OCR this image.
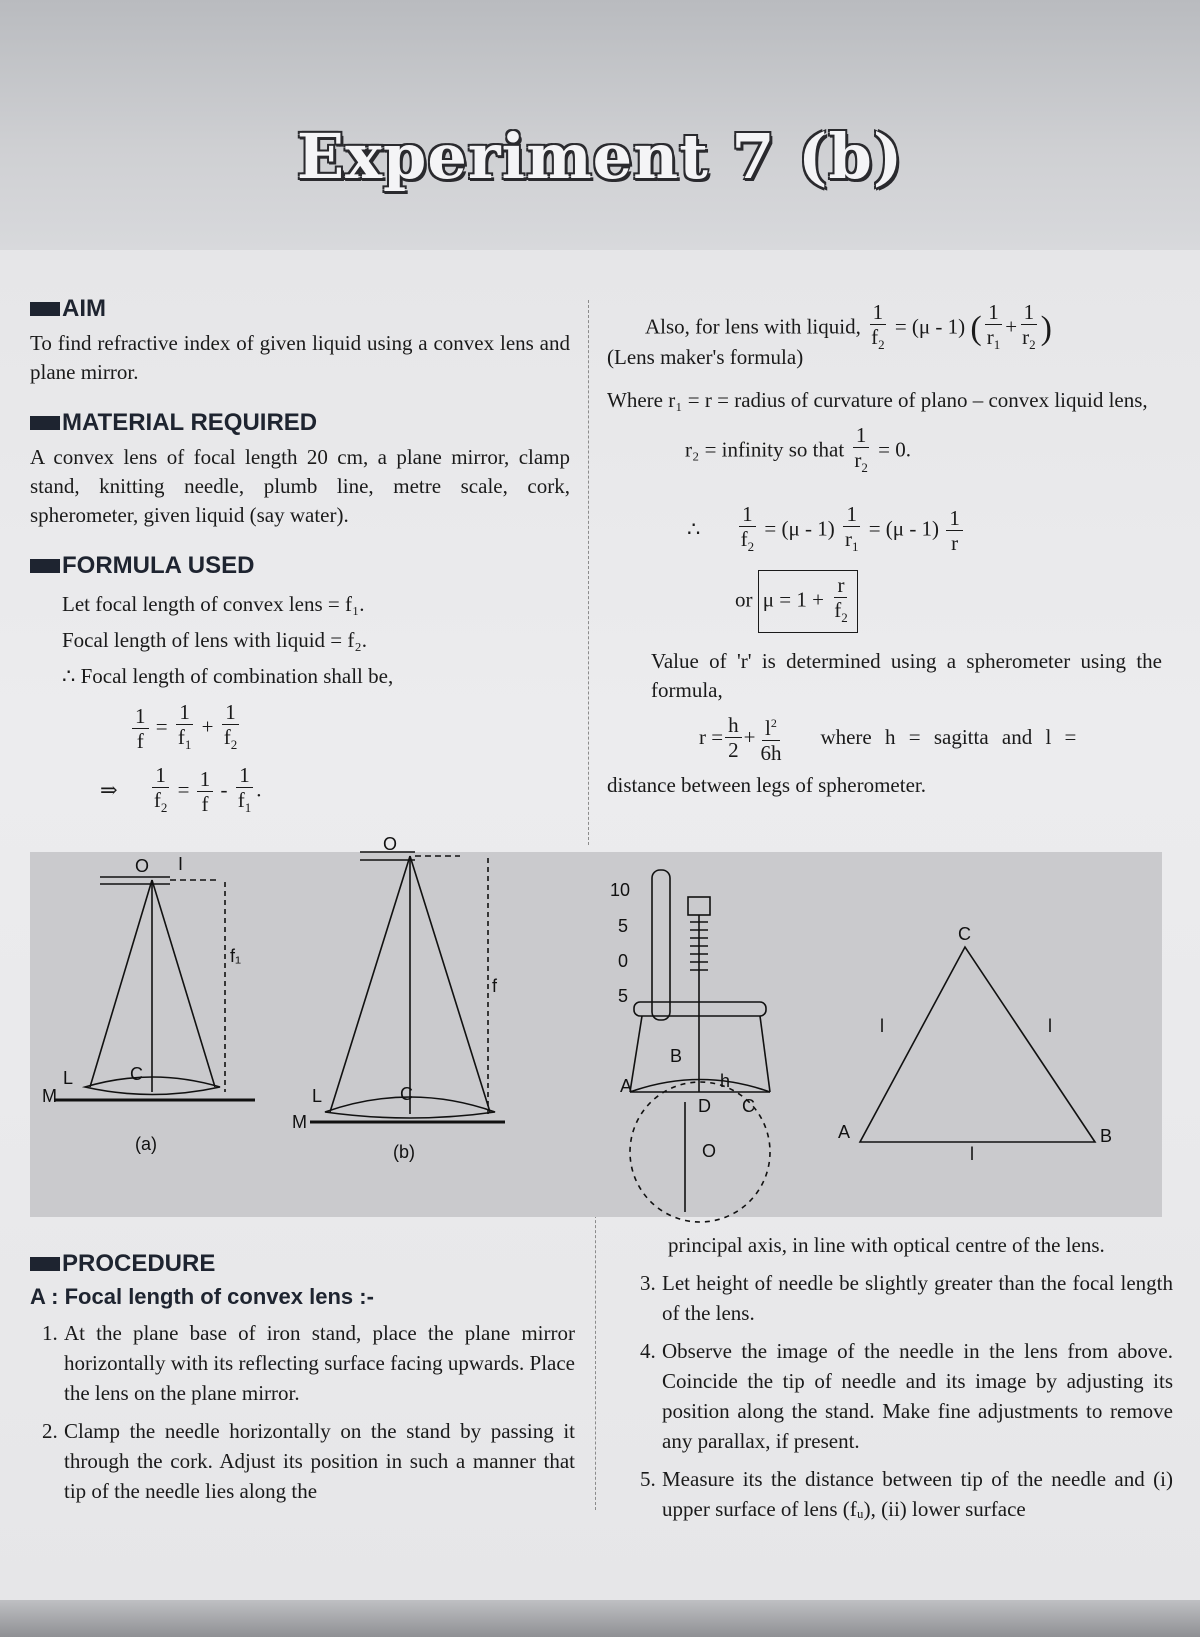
Experiment 7 (b)
AIM
To find refractive index of given liquid using a convex lens and plane mirror.
MATERIAL REQUIRED
A convex lens of focal length 20 cm, a plane mirror, clamp stand, knitting needle, plumb line, metre scale, cork, spherometer, given liquid (say water).
FORMULA USED
Let focal length of convex lens = f₁.
Focal length of lens with liquid = f₂.
∴ Focal length of combination shall be,
$\frac{1}{f} = \frac{1}{f_1} + \frac{1}{f_2}$
⇒ $\frac{1}{f_2} = \frac{1}{f} - \frac{1}{f_1}$ .
Also, for lens with liquid, $\frac{1}{f_2} = (\mu - 1)$ ( $\frac{1}{r_1} + \frac{1}{r_2}$ )
(Lens maker's formula)
Where r₁ = r = radius of curvature of plano – convex liquid lens,
r₂ = infinity so that $\frac{1}{r_2} = 0$.
∴ $\frac{1}{f_2} = (\mu - 1) \frac{1}{r_1} = (\mu - 1) \frac{1}{r}$
or $\mu = 1 + \frac{r}{f_2}$
Value of 'r' is determined using a spherometer using the formula,
$r = \frac{h}{2} + l^2$
6h
where h = sagitta and l =
distance between legs of spherometer.
O I
C
L
M
f₁
(a)
O
C
L
M
f
(b)
10
5
0
5
B
A
D C
h
O
C
A	B
l	l
l
PROCEDURE
A : Focal length of convex lens :-
1. At the plane base of iron stand, place the plane mirror horizontally with its reflecting surface facing upwards. Place the lens on the plane mirror.
2. Clamp the needle horizontally on the stand by passing it through the cork. Adjust its position in such a manner that tip of the needle lies along the
principal axis, in line with optical centre of the lens.
3. Let height of needle be slightly greater than the focal length of the lens.
4. Observe the image of the needle in the lens from above. Coincide the tip of needle and its image by adjusting its position along the stand. Make fine adjustments to remove any parallax, if present.
5. Measure its the distance between tip of the needle and (i) upper surface of lens (fᵤ), (ii) lower surface
